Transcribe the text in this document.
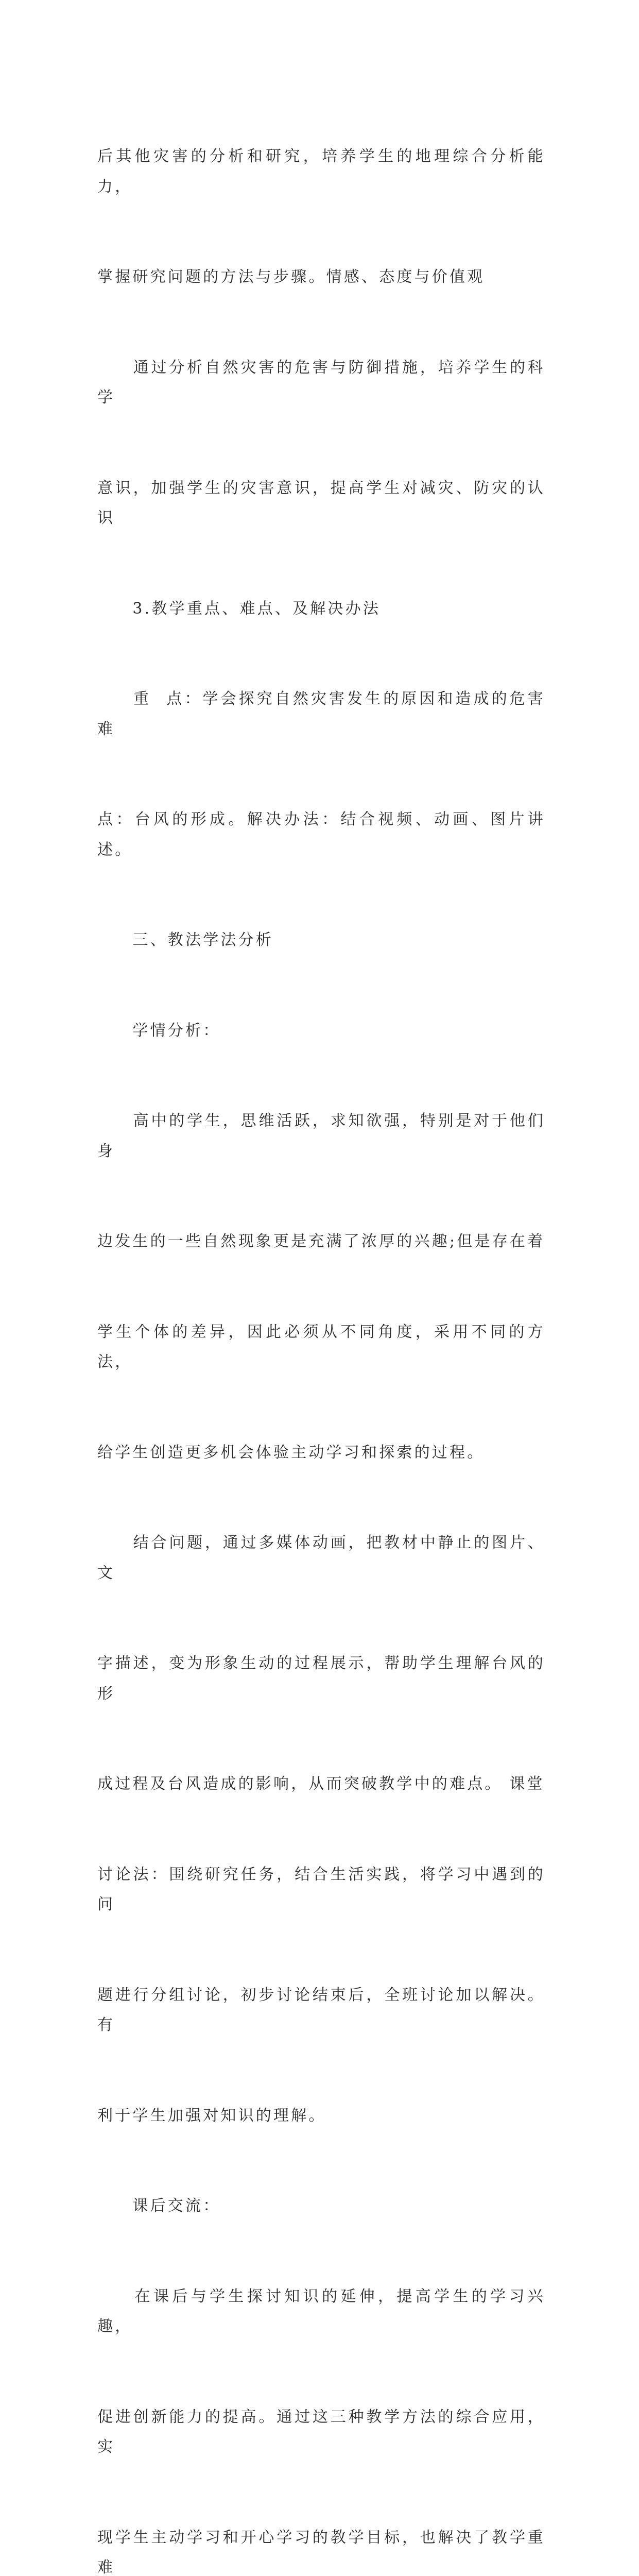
后其他灾害的分析和研究，培养学生的地理综合分析能力，

掌握研究问题的方法与步骤。情感、态度与价值观

　　通过分析自然灾害的危害与防御措施，培养学生的科学

意识，加强学生的灾害意识，提高学生对减灾、防灾的认识

　　3.教学重点、难点、及解决办法

　　重  点：学会探究自然灾害发生的原因和造成的危害  难

点：台风的形成。解决办法：结合视频、动画、图片讲述。

　　三、教法学法分析

　　学情分析：

　　高中的学生，思维活跃，求知欲强，特别是对于他们身

边发生的一些自然现象更是充满了浓厚的兴趣;但是存在着

学生个体的差异，因此必须从不同角度，采用不同的方法，

给学生创造更多机会体验主动学习和探索的过程。

　　结合问题，通过多媒体动画，把教材中静止的图片、文

字描述，变为形象生动的过程展示，帮助学生理解台风的形

成过程及台风造成的影响，从而突破教学中的难点。 课堂

讨论法：围绕研究任务，结合生活实践，将学习中遇到的问

题进行分组讨论，初步讨论结束后，全班讨论加以解决。有

利于学生加强对知识的理解。

　　课后交流：

　　在课后与学生探讨知识的延伸，提高学生的学习兴趣，

促进创新能力的提高。通过这三种教学方法的综合应用，实

现学生主动学习和开心学习的教学目标，也解决了教学重难
